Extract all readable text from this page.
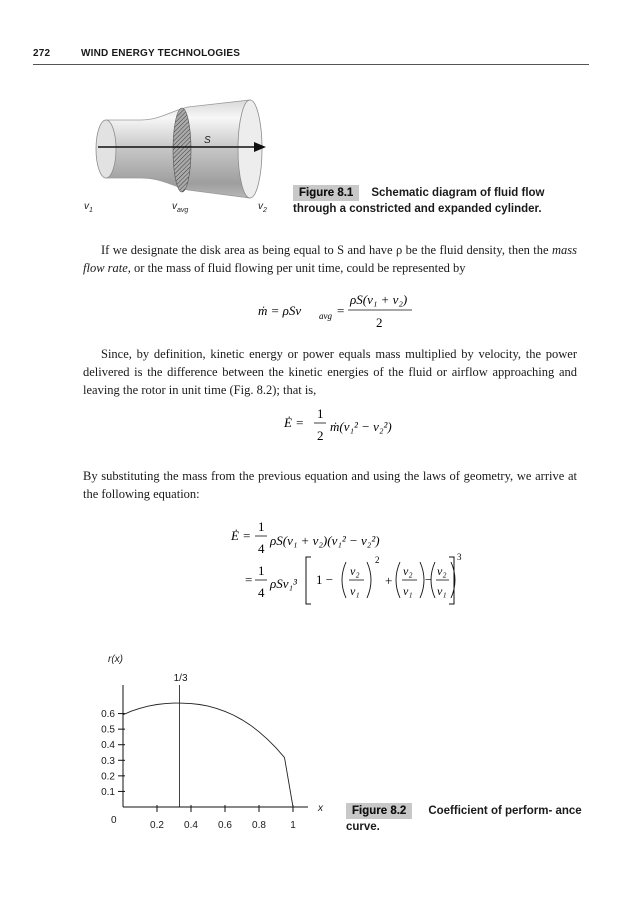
272	WIND ENERGY TECHNOLOGIES
S
$v_1$	$v_{avg}$	$v_2$
Figure 8.1 Schematic diagram of fluid flow through a constricted and expanded cylinder.
If we designate the disk area as being equal to S and have ρ be the fluid density, then the mass flow rate, or the mass of fluid flowing per unit time, could be represented by
ṁ = ρSv avg =
ρS(v₁ + v₂)
2
Since, by definition, kinetic energy or power equals mass multiplied by velocity, the power delivered is the difference between the kinetic energies of the fluid or airflow approaching and leaving the rotor in unit time (Fig. 8.2); that is,
Ė =
1
2
ṁ(v₁² − v₂²)
By substituting the mass from the previous equation and using the laws of geometry, we arrive at the following equation:
Ė =
1
4
ρS(v₁ + v₂)(v₁² − v₂²)
=
1
4
ρSv₁³ 1 −
v₂
v₁
2
+
v₂
v₁
−
v₂
v₁
3
r(x)
x
0
0.1
0.2
0.3
0.4
0.5
0.6
0.2 0.4 0.6 0.8 1
1/3
Figure 8.2 Coefficient of perform- ance curve.
